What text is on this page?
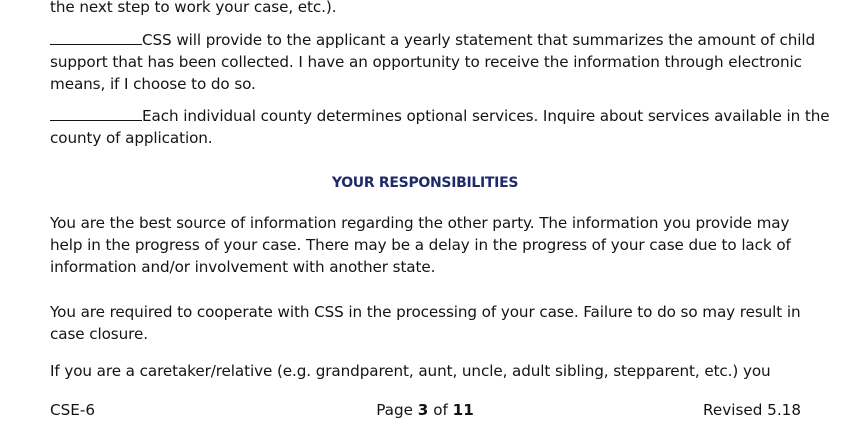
the next step to work your case, etc.).
CSS will provide to the applicant a yearly statement that summarizes the amount of child
support that has been collected. I have an opportunity to receive the information through electronic
means, if I choose to do so.
Each individual county determines optional services. Inquire about services available in the
county of application.
YOUR RESPONSIBILITIES
You are the best source of information regarding the other party. The information you provide may
help in the progress of your case. There may be a delay in the progress of your case due to lack of
information and/or involvement with another state.
You are required to cooperate with CSS in the processing of your case. Failure to do so may result in
case closure.
If you are a caretaker/relative (e.g. grandparent, aunt, uncle, adult sibling, stepparent, etc.) you
CSE-6	Page 3 of 11	Revised 5.18
